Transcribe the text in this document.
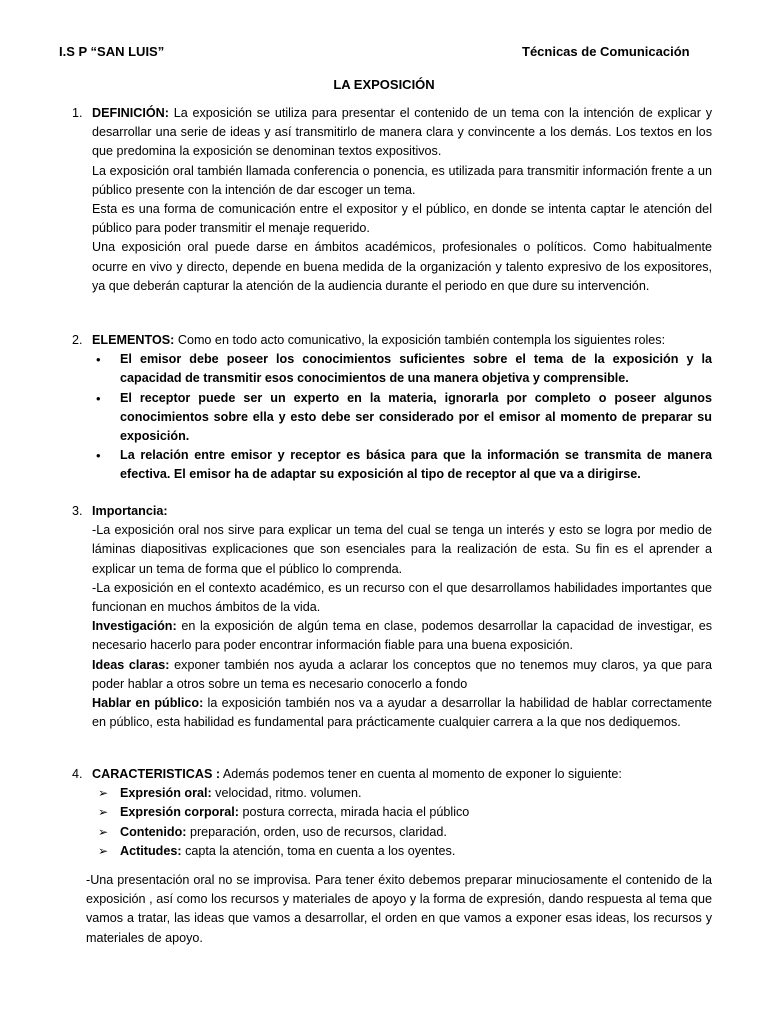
I.S P “SAN LUIS”	Técnicas de Comunicación
LA EXPOSICIÓN
1. DEFINICIÓN: La exposición se utiliza para presentar el contenido de un tema con la intención de explicar y desarrollar una serie de ideas y así transmitirlo de manera clara y convincente a los demás. Los textos en los que predomina la exposición se denominan textos expositivos.

La exposición oral también llamada conferencia o ponencia, es utilizada para transmitir información frente a un público presente con la intención de dar escoger un tema.

Esta es una forma de comunicación entre el expositor y el público, en donde se intenta captar le atención del público para poder transmitir el menaje requerido.

Una exposición oral puede darse en ámbitos académicos, profesionales o políticos. Como habitualmente ocurre en vivo y directo, depende en buena medida de la organización y talento expresivo de los expositores, ya que deberán capturar la atención de la audiencia durante el periodo en que dure su intervención.

2. ELEMENTOS: Como en todo acto comunicativo, la exposición también contempla los siguientes roles:

• El emisor debe poseer los conocimientos suficientes sobre el tema de la exposición y la capacidad de transmitir esos conocimientos de una manera objetiva y comprensible.

• El receptor puede ser un experto en la materia, ignorarla por completo o poseer algunos conocimientos sobre ella y esto debe ser considerado por el emisor al momento de preparar su exposición.

• La relación entre emisor y receptor es básica para que la información se transmita de manera efectiva. El emisor ha de adaptar su exposición al tipo de receptor al que va a dirigirse.

3. Importancia:

-La exposición oral nos sirve para explicar un tema del cual se tenga un interés y esto se logra por medio de láminas diapositivas explicaciones que son esenciales para la realización de esta. Su fin es el aprender a explicar un tema de forma que el público lo comprenda.

-La exposición en el contexto académico, es un recurso con el que desarrollamos habilidades importantes que funcionan en muchos ámbitos de la vida.

Investigación: en la exposición de algún tema en clase, podemos desarrollar la capacidad de investigar, es necesario hacerlo para poder encontrar información fiable para una buena exposición.

Ideas claras: exponer también nos ayuda a aclarar los conceptos que no tenemos muy claros, ya que para poder hablar a otros sobre un tema es necesario conocerlo a fondo

Hablar en público: la exposición también nos va a ayudar a desarrollar la habilidad de hablar correctamente en público, esta habilidad es fundamental para prácticamente cualquier carrera a la que nos dediquemos.

4. CARACTERISTICAS : Además podemos tener en cuenta al momento de exponer lo siguiente:

➢ Expresión oral: velocidad, ritmo. volumen.

➢ Expresión corporal: postura correcta, mirada hacia el público

➢ Contenido: preparación, orden, uso de recursos, claridad.

➢ Actitudes: capta la atención, toma en cuenta a los oyentes.

-Una presentación oral no se improvisa. Para tener éxito debemos preparar minuciosamente el contenido de la exposición , así como los recursos y materiales de apoyo y la forma de expresión, dando respuesta al tema que vamos a tratar, las ideas que vamos a desarrollar, el orden en que vamos a exponer esas ideas, los recursos y materiales de apoyo.
